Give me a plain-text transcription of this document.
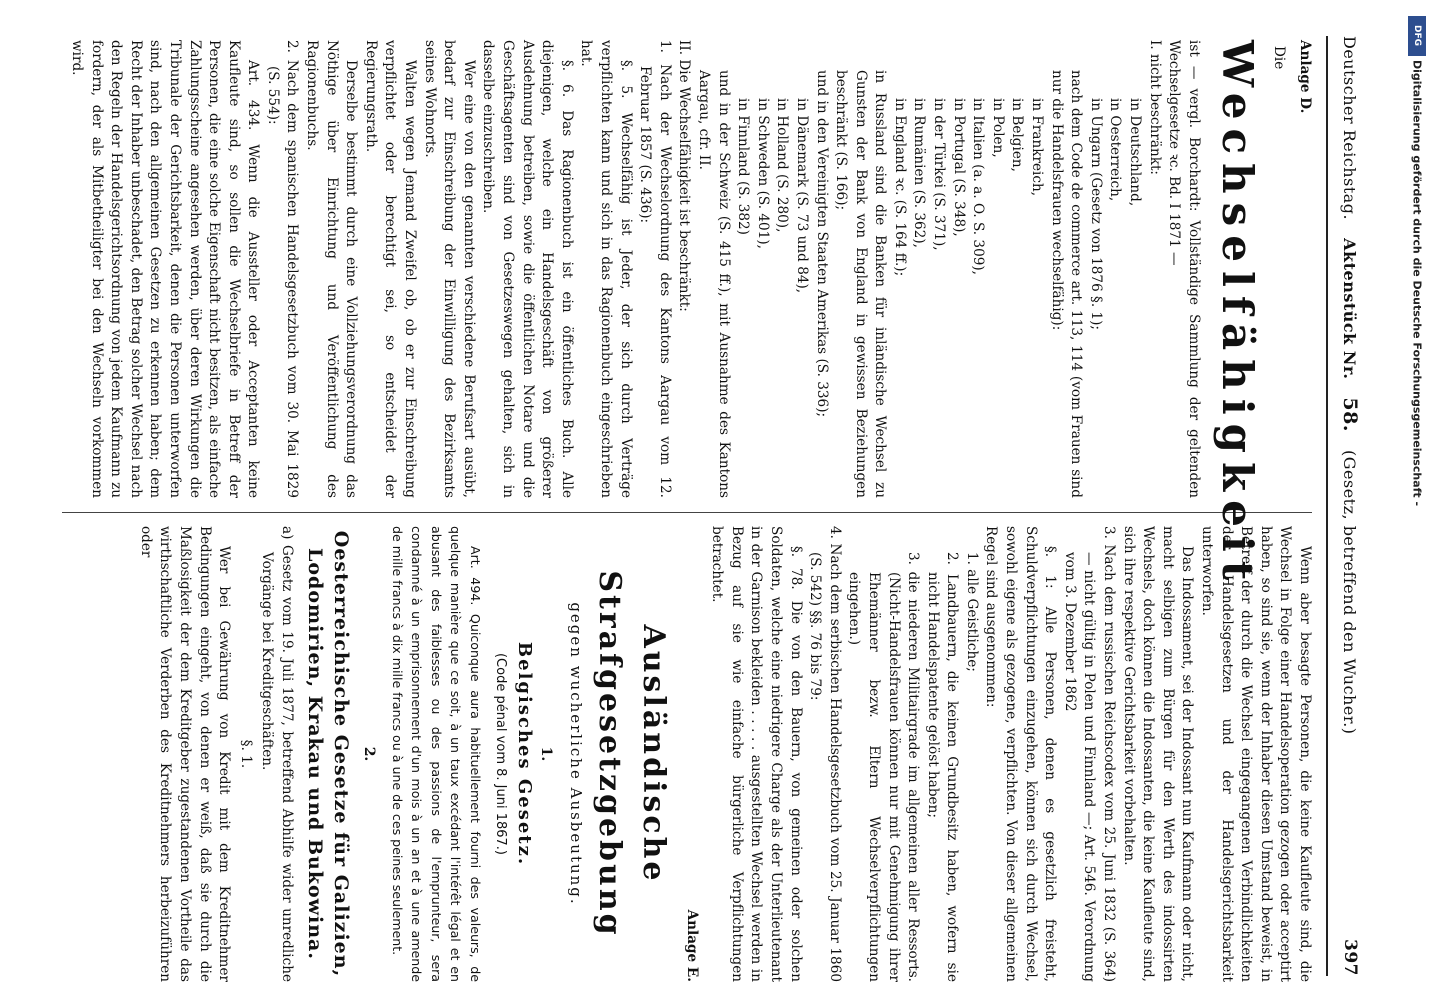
Deutscher Reichstag.
Aktenstück Nr.
58.
(Gesetz, betreffend den Wucher.)
397

Anlage D.

Die

Wechselfähigkeit

ist — vergl. Borchardt: Vollständige Sammlung der geltenden Wechselgesetze ꝛc. Bd. I 1871 —

I. nicht beschränkt:

in Deutschland,

in Oesterreich,

in Ungarn (Gesetz von 1876 §. 1);

nach dem Code de commerce art. 113, 114 (vom Frauen sind nur die Handelsfrauen wechselfähig):

in Frankreich,

in Belgien,

in Polen,

in Italien (a. a. O. S. 309),

in Portugal (S. 348),

in der Türkei (S. 371),

in Rumänien (S. 362),

in England ꝛc. (S. 164 ff.);

in Russland sind die Banken für inländische Wechsel zu Gunsten der Bank von England in gewissen Beziehungen beschränkt (S. 166);

und in den Vereinigten Staaten Amerikas (S. 336);

in Dänemark (S. 73 und 84),

in Holland (S. 280),

in Schweden (S. 401),

in Finnland (S. 382)

und in der Schweiz (S. 415 ff.), mit Ausnahme des Kantons Aargau, cfr. II.

II. Die Wechselfähigkeit ist beschränkt:

1. Nach der Wechselordnung des Kantons Aargau vom 12. Februar 1857 (S. 436):

§. 5. Wechselfähig ist Jeder, der sich durch Verträge verpflichten kann und sich in das Ragionenbuch eingeschrieben hat.

§. 6. Das Ragionenbuch ist ein öffentliches Buch. Alle diejenigen, welche ein Handelsgeschäft von größerer Ausdehnung betreiben, sowie die öffentlichen Notare und die Geschäftsagenten sind von Gesetzeswegen gehalten, sich in dasselbe einzuschreiben.

Wer eine von den genannten verschiedene Berufsart ausübt, bedarf zur Einschreibung der Einwilligung des Bezirksamts seines Wohnorts.

Walten wegen Jemand Zweifel ob, ob er zur Einschreibung verpflichtet oder berechtigt sei, so entscheidet der Regierungsrath.

Derselbe bestimmt durch eine Vollziehungsverordnung das Nöthige über Einrichtung und Veröffentlichung des Ragionenbuchs.

2. Nach dem spanischen Handelsgesetzbuch vom 30. Mai 1829 (S. 554):

Art. 434. Wenn die Aussteller oder Acceptanten keine Kaufleute sind, so sollen die Wechselbriefe in Betreff der Personen, die eine solche Eigenschaft nicht besitzen, als einfache Zahlungsscheine angesehen werden, über deren Wirkungen die Tribunale der Gerichtsbarkeit, denen die Personen unterworfen sind, nach den allgemeinen Gesetzen zu erkennen haben; dem Recht der Inhaber unbeschadet, den Betrag solcher Wechsel nach den Regeln der Handelsgerichtsordnung von jedem Kaufmann zu fordern, der als Mitbetheiligter bei den Wechseln vorkommen wird.

Wenn aber besagte Personen, die keine Kaufleute sind, die Wechsel in Folge einer Handelsoperation gezogen oder acceptirt haben, so sind sie, wenn der Inhaber diesen Umstand beweist, in Betreff der durch die Wechsel eingegangenen Verbindlichkeiten der Handelsgesetzen und der Handelsgerichtsbarkeit unterworfen.

Das Indossament, sei der Indossant nun Kaufmann oder nicht, macht selbigen zum Bürgen für den Werth des indossirten Wechsels, doch können die Indossanten, die keine Kaufleute sind, sich ihre respektive Gerichtsbarkeit vorbehalten.

3. Nach dem russischen Reichscodex vom 25. Juni 1832 (S. 364) — nicht gültig in Polen und Finnland —; Art. 546. Verordnung vom 3. Dezember 1862

§. 1: Alle Personen, denen es gesetzlich freisteht, Schuldverpflichtungen einzugehen, können sich durch Wechsel, sowohl eigene als gezogene, verpflichten. Von dieser allgemeinen Regel sind ausgenommen:

1. alle Geistliche;

2. Landbauern, die keinen Grundbesitz haben, wofern sie nicht Handelspatente gelöst haben;

3. die niederen Militairgrade im allgemeinen aller Ressorts. (Nicht-Handelsfrauen können nur mit Genehmigung ihrer Ehemänner bezw. Eltern Wechselverpflichtungen eingehen.)

4. Nach dem serbischen Handelsgesetzbuch vom 25. Januar 1860 (S. 542) §§. 76 bis 79:

§. 78. Die von den Bauern, von gemeinen oder solchen Soldaten, welche eine niedrigere Charge als der Unterlieutenant in der Garnison bekleiden . . . . . ausgestellten Wechsel werden in Bezug auf sie wie einfache bürgerliche Verpflichtungen betrachtet.

Anlage E.

Ausländische Strafgesetzgebung

gegen wucherliche Ausbeutung.

1.

Belgisches Gesetz.

(Code pénal vom 8. Juni 1867.)

Art. 494. Quiconque aura habituellement fourni des valeurs, de quelque manière que ce soit, à un taux excédant l'intérêt légal et en abusant des faiblesses ou des passions de l'emprunteur, sera condamné à un emprisonnement d'un mois à un an et à une amende de mille francs à dix mille francs ou à une de ces peines seulement.

2.

Oesterreichische Gesetze für Galizien, Lodomirien, Krakau und Bukowina.

a) Gesetz vom 19. Juli 1877, betreffend Abhilfe wider unredliche Vorgänge bei Kreditgeschäften.

§. 1.

Wer bei Gewährung von Kredit mit dem Kreditnehmer Bedingungen eingeht, von denen er weiß, daß sie durch die Maßlosigkeit der dem Kreditgeber zugestandenen Vortheile das wirthschaftliche Verderben des Kreditnehmers herbeizuführen oder

DFG
Digitalisierung gefördert durch die Deutsche Forschungsgemeinschaft -
